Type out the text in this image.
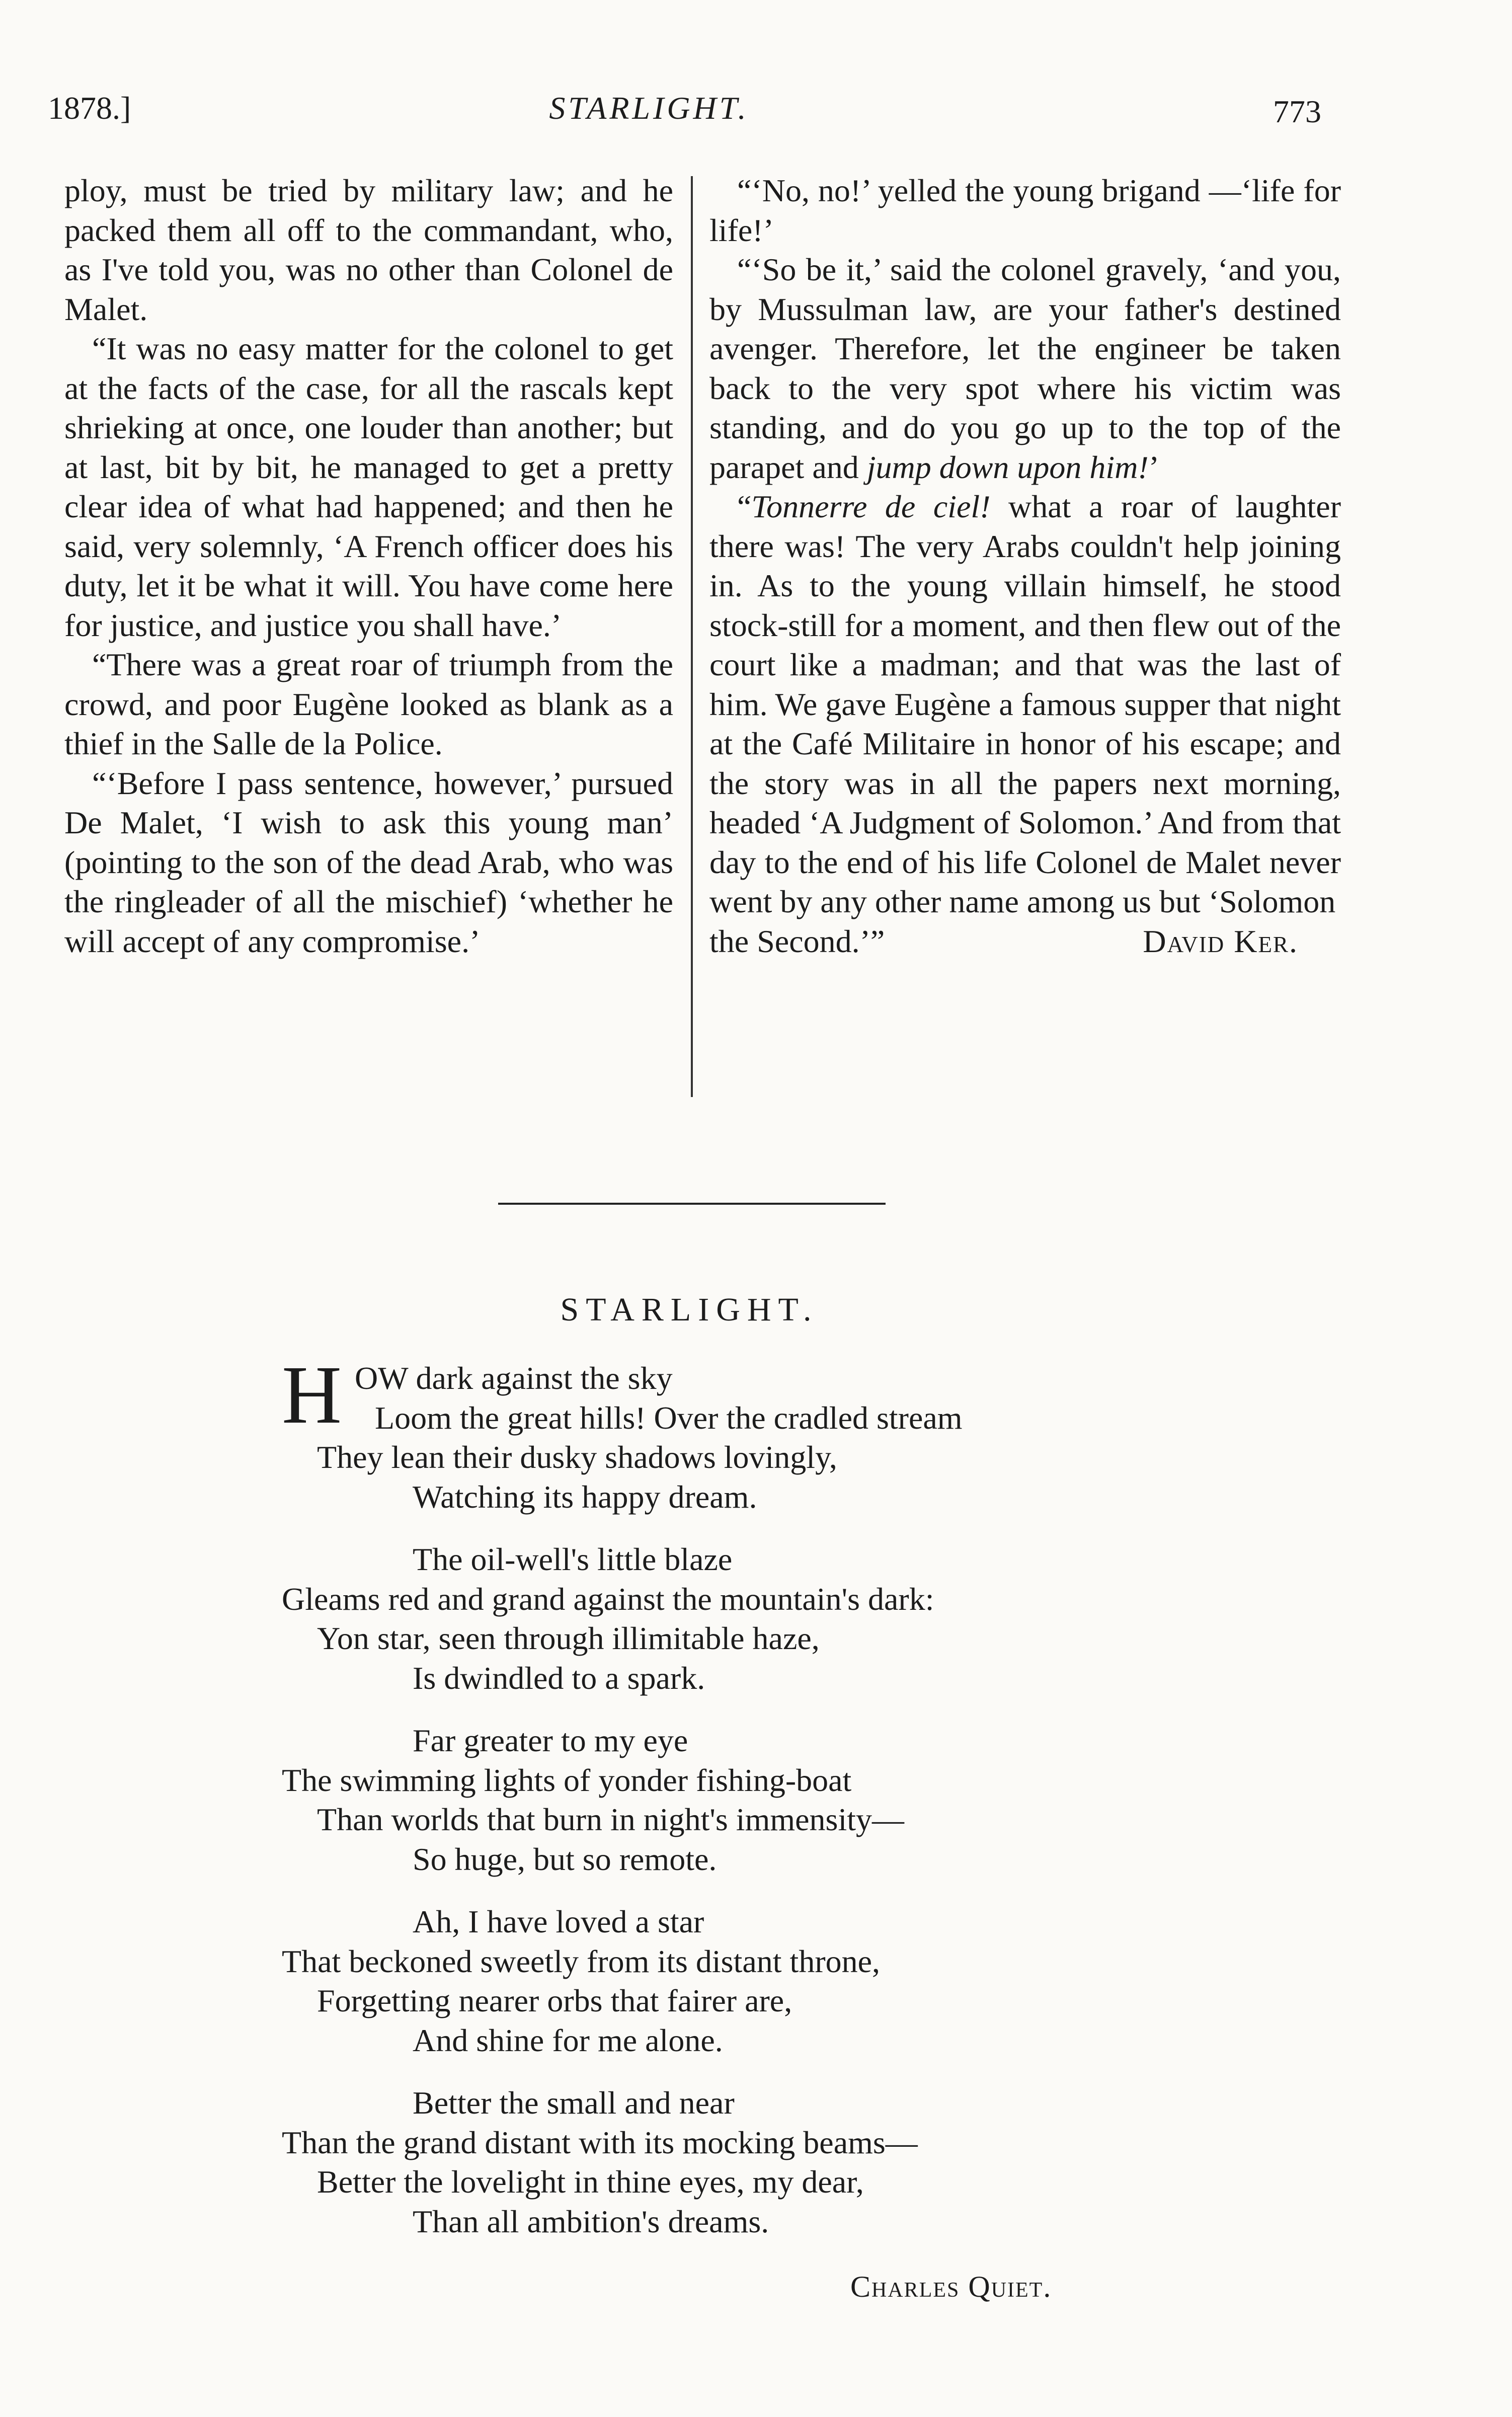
1878.]	STARLIGHT.	773

ploy, must be tried by military law; and he packed them all off to the commandant, who, as I've told you, was no other than Colonel de Malet.

“It was no easy matter for the colonel to get at the facts of the case, for all the rascals kept shrieking at once, one louder than another; but at last, bit by bit, he managed to get a pretty clear idea of what had happened; and then he said, very solemnly, ‘A French officer does his duty, let it be what it will. You have come here for justice, and justice you shall have.’

“There was a great roar of triumph from the crowd, and poor Eugène looked as blank as a thief in the Salle de la Police.

“‘Before I pass sentence, however,’ pursued De Malet, ‘I wish to ask this young man’ (pointing to the son of the dead Arab, who was the ringleader of all the mischief) ‘whether he will accept of any compromise.’

“‘No, no!’ yelled the young brigand —‘life for life!’

“‘So be it,’ said the colonel gravely, ‘and you, by Mussulman law, are your father's destined avenger. Therefore, let the engineer be taken back to the very spot where his victim was standing, and do you go up to the top of the parapet and jump down upon him!’

“Tonnerre de ciel! what a roar of laughter there was! The very Arabs couldn't help joining in. As to the young villain himself, he stood stock-still for a moment, and then flew out of the court like a madman; and that was the last of him. We gave Eugène a famous supper that night at the Café Militaire in honor of his escape; and the story was in all the papers next morning, headed ‘A Judgment of Solomon.’ And from that day to the end of his life Colonel de Malet never went by any other name among us but ‘Solomon

the Second.’”	David Ker.
STARLIGHT.
H OW dark against the sky
Loom the great hills! Over the cradled stream
They lean their dusky shadows lovingly,
Watching its happy dream.
The oil-well's little blaze
Gleams red and grand against the mountain's dark:
Yon star, seen through illimitable haze,
Is dwindled to a spark.
Far greater to my eye
The swimming lights of yonder fishing-boat
Than worlds that burn in night's immensity—
So huge, but so remote.
Ah, I have loved a star
That beckoned sweetly from its distant throne,
Forgetting nearer orbs that fairer are,
And shine for me alone.
Better the small and near
Than the grand distant with its mocking beams—
Better the lovelight in thine eyes, my dear,
Than all ambition's dreams.
Charles Quiet.
